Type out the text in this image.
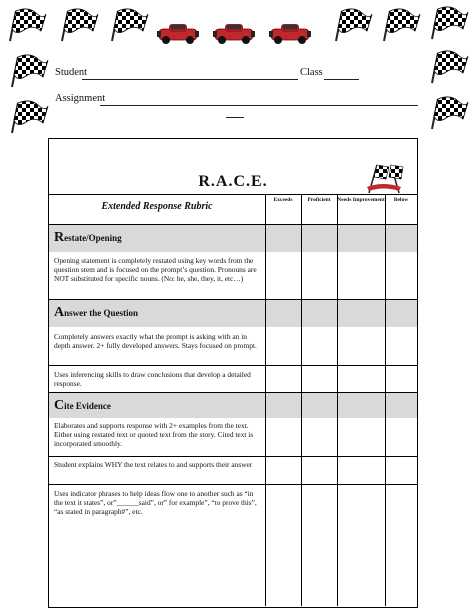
Student	Class
Assignment
R.A.C.E.
Extended Response Rubric
Exceeds	Proficient	Needs Improvement	Below
Restate/Opening
Opening statement is completely restated using key words from the question stem and is focused on the prompt’s question. Pronouns are NOT substituted for specific nouns. (No: he, she, they, it, etc…)
Answer the Question
Completely answers exactly what the prompt is asking with an in depth answer. 2+ fully developed answers. Stays focused on prompt.
Uses inferencing skills to draw conclusions that develop a detailed response.
Cite Evidence
Elaborates and supports response with 2+ examples from the text. Either using restated text or quoted text from the story. Cited text is incorporated smoothly.
Student explains WHY the text relates to and supports their answer
Uses indicator phrases to help ideas flow one to another such as “in the text it states”, or”______said”, or” for example”, “to prove this”, “as stated in paragraph#”, etc.
